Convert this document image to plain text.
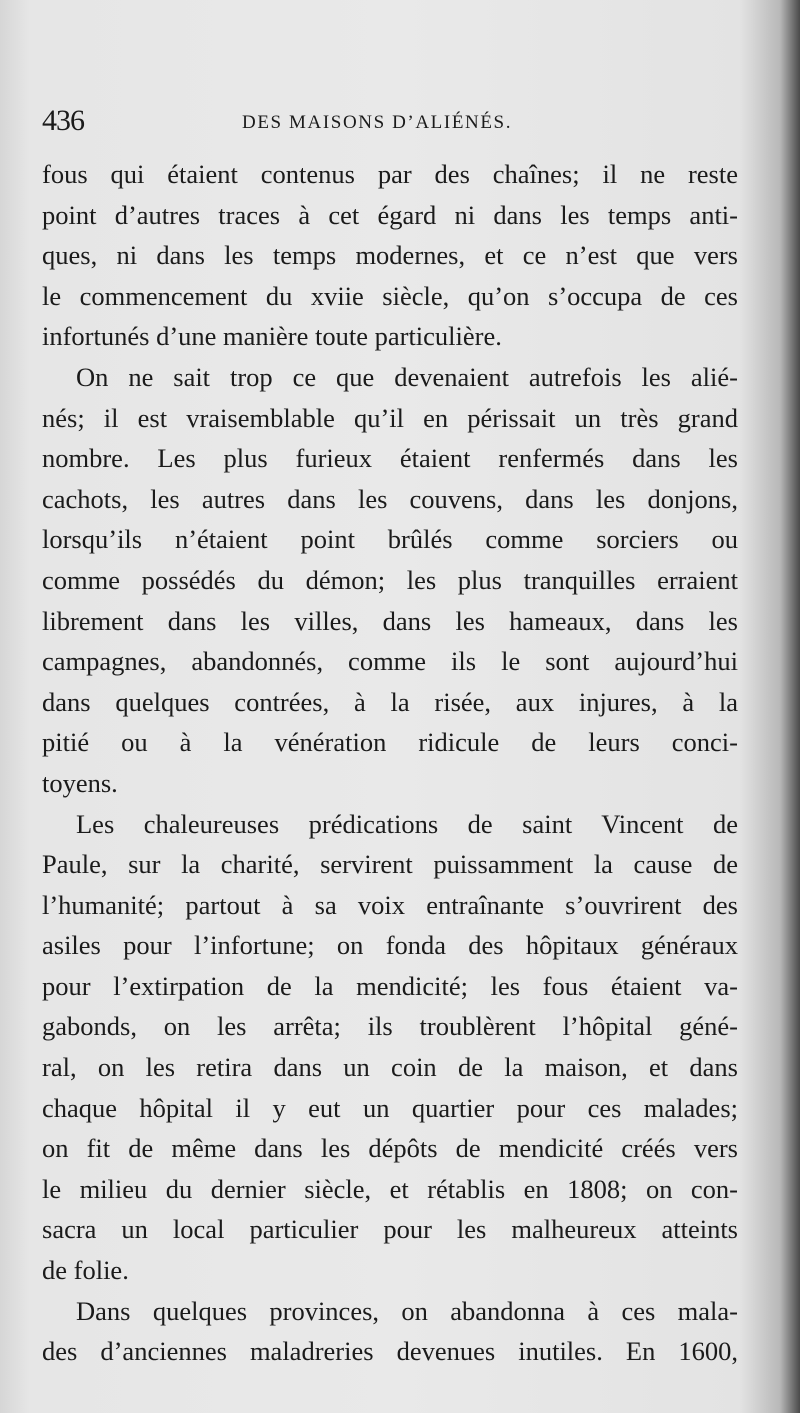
436	DES MAISONS D’ALIÉNÉS.
fous qui étaient contenus par des chaînes; il ne reste
point d’autres traces à cet égard ni dans les temps anti-
ques, ni dans les temps modernes, et ce n’est que vers
le commencement du xviie siècle, qu’on s’occupa de ces
infortunés d’une manière toute particulière.
On ne sait trop ce que devenaient autrefois les alié-
nés; il est vraisemblable qu’il en périssait un très grand
nombre. Les plus furieux étaient renfermés dans les
cachots, les autres dans les couvens, dans les donjons,
lorsqu’ils n’étaient point brûlés comme sorciers ou
comme possédés du démon; les plus tranquilles erraient
librement dans les villes, dans les hameaux, dans les
campagnes, abandonnés, comme ils le sont aujourd’hui
dans quelques contrées, à la risée, aux injures, à la
pitié ou à la vénération ridicule de leurs conci-
toyens.
Les chaleureuses prédications de saint Vincent de
Paule, sur la charité, servirent puissamment la cause de
l’humanité; partout à sa voix entraînante s’ouvrirent des
asiles pour l’infortune; on fonda des hôpitaux généraux
pour l’extirpation de la mendicité; les fous étaient va-
gabonds, on les arrêta; ils troublèrent l’hôpital géné-
ral, on les retira dans un coin de la maison, et dans
chaque hôpital il y eut un quartier pour ces malades;
on fit de même dans les dépôts de mendicité créés vers
le milieu du dernier siècle, et rétablis en 1808; on con-
sacra un local particulier pour les malheureux atteints
de folie.
Dans quelques provinces, on abandonna à ces mala-
des d’anciennes maladreries devenues inutiles. En 1600,
